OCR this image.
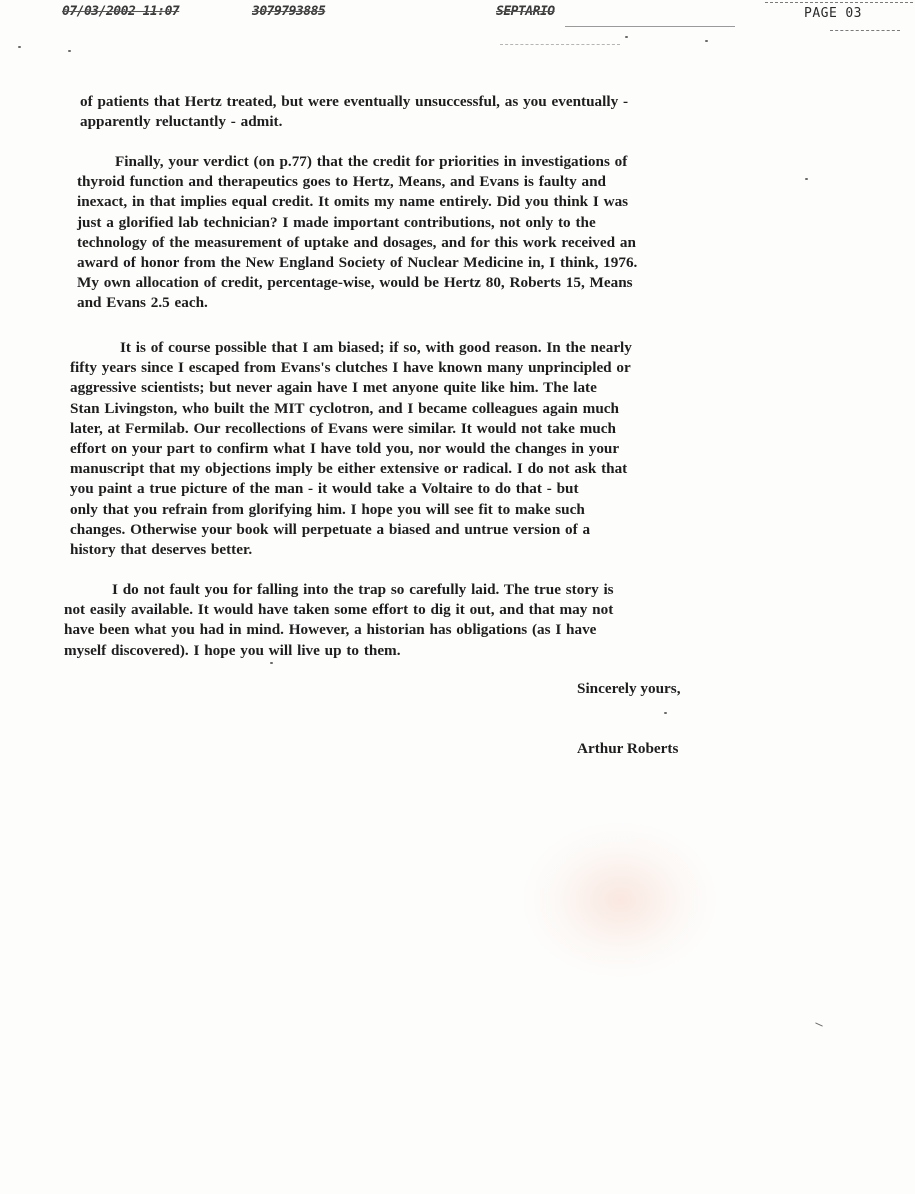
07/03/2002 11:07	3079793885	SEPTARIO	PAGE 03
of patients that Hertz treated, but were eventually unsuccessful, as you eventually -
apparently reluctantly - admit.
Finally, your verdict (on p.77) that the credit for priorities in investigations of
thyroid function and therapeutics goes to Hertz, Means, and Evans is faulty and
inexact, in that implies equal credit. It omits my name entirely. Did you think I was
just a glorified lab technician? I made important contributions, not only to the
technology of the measurement of uptake and dosages, and for this work received an
award of honor from the New England Society of Nuclear Medicine in, I think, 1976.
My own allocation of credit, percentage-wise, would be Hertz 80, Roberts 15, Means
and Evans 2.5 each.
It is of course possible that I am biased; if so, with good reason. In the nearly
fifty years since I escaped from Evans's clutches I have known many unprincipled or
aggressive scientists; but never again have I met anyone quite like him. The late
Stan Livingston, who built the MIT cyclotron, and I became colleagues again much
later, at Fermilab. Our recollections of Evans were similar. It would not take much
effort on your part to confirm what I have told you, nor would the changes in your
manuscript that my objections imply be either extensive or radical. I do not ask that
you paint a true picture of the man - it would take a Voltaire to do that - but
only that you refrain from glorifying him. I hope you will see fit to make such
changes. Otherwise your book will perpetuate a biased and untrue version of a
history that deserves better.
I do not fault you for falling into the trap so carefully laid. The true story is
not easily available. It would have taken some effort to dig it out, and that may not
have been what you had in mind. However, a historian has obligations (as I have
myself discovered). I hope you will live up to them.
Sincerely yours,
Arthur Roberts
